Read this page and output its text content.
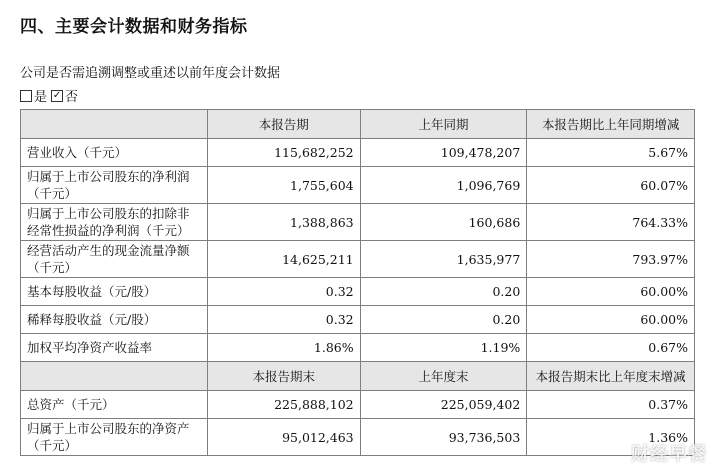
四、主要会计数据和财务指标
公司是否需追溯调整或重述以前年度会计数据
是 ✓ 否
	本报告期	上年同期	本报告期比上年同期增减
营业收入（千元）	115,682,252	109,478,207	5.67%
归属于上市公司股东的净利润（千元）	1,755,604	1,096,769	60.07%
归属于上市公司股东的扣除非经常性损益的净利润（千元）	1,388,863	160,686	764.33%
经营活动产生的现金流量净额（千元）	14,625,211	1,635,977	793.97%
基本每股收益（元/股）	0.32	0.20	60.00%
稀释每股收益（元/股）	0.32	0.20	60.00%
加权平均净资产收益率	1.86%	1.19%	0.67%
	本报告期末	上年度末	本报告期末比上年度末增减
总资产（千元）	225,888,102	225,059,402	0.37%
归属于上市公司股东的净资产（千元）	95,012,463	93,736,503	1.36%
财经早餐
